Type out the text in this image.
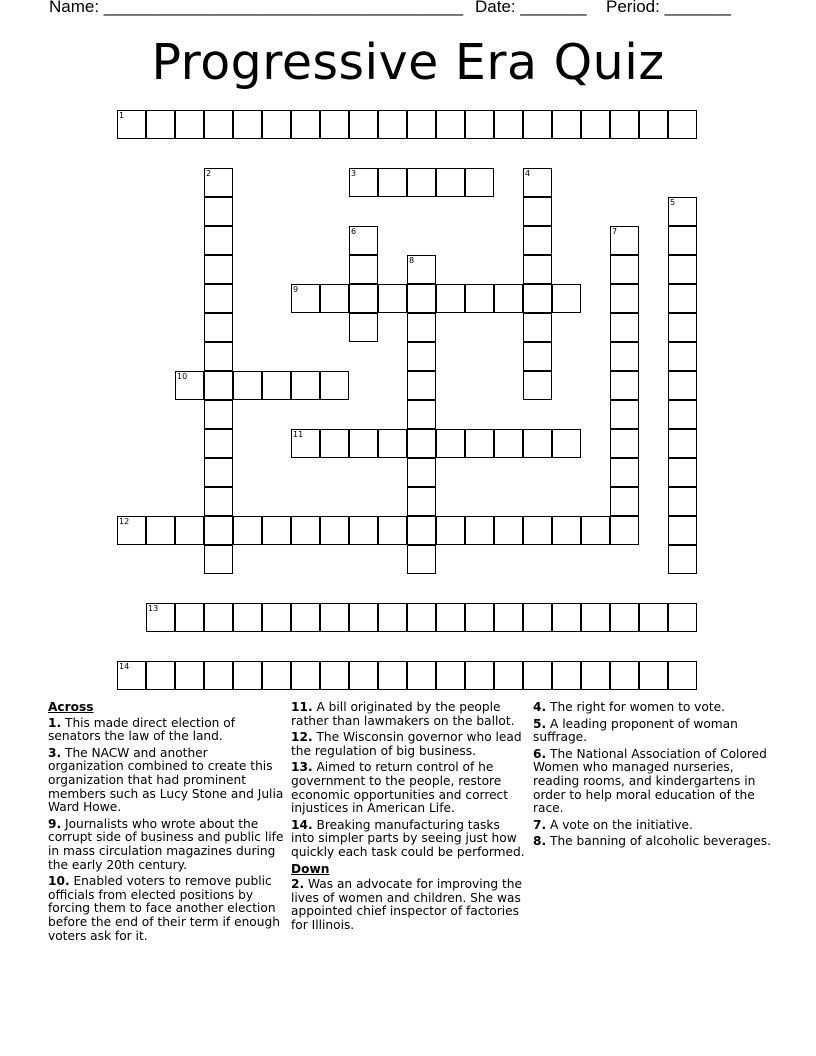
Name: ______________________________________ Date: _______ Period: _______
Progressive Era Quiz
1
2	3	4
5
6	7
8
9
10
11
12
13
14
Across
1. This made direct election of senators the law of the land.
3. The NACW and another organization combined to create this organization that had prominent members such as Lucy Stone and Julia Ward Howe.
9. Journalists who wrote about the corrupt side of business and public life in mass circulation magazines during the early 20th century.
10. Enabled voters to remove public officials from elected positions by forcing them to face another election before the end of their term if enough voters ask for it.
11. A bill originated by the people rather than lawmakers on the ballot.
12. The Wisconsin governor who lead the regulation of big business.
13. Aimed to return control of he government to the people, restore economic opportunities and correct injustices in American Life.
14. Breaking manufacturing tasks into simpler parts by seeing just how quickly each task could be performed.
Down
2. Was an advocate for improving the lives of women and children. She was appointed chief inspector of factories for Illinois.
4. The right for women to vote.
5. A leading proponent of woman suffrage.
6. The National Association of Colored Women who managed nurseries, reading rooms, and kindergartens in order to help moral education of the race.
7. A vote on the initiative.
8. The banning of alcoholic beverages.
